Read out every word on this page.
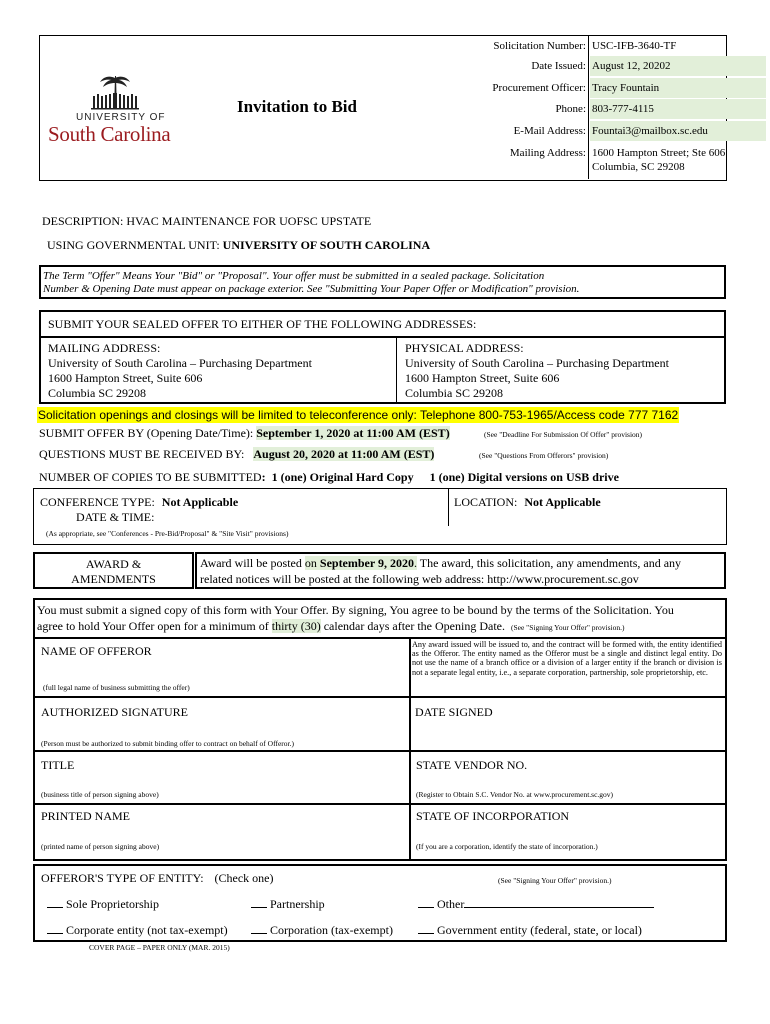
UNIVERSITY OF
South Carolina
Invitation to Bid
Solicitation Number: USC-IFB-3640-TF
Date Issued: August 12, 20202
Procurement Officer: Tracy Fountain
Phone: 803-777-4115
E-Mail Address: Fountai3@mailbox.sc.edu
Mailing Address: 1600 Hampton Street; Ste 606
Columbia, SC 29208
DESCRIPTION: HVAC MAINTENANCE FOR UOFSC UPSTATE
USING GOVERNMENTAL UNIT: UNIVERSITY OF SOUTH CAROLINA
The Term "Offer" Means Your "Bid" or "Proposal". Your offer must be submitted in a sealed package. Solicitation
Number & Opening Date must appear on package exterior. See "Submitting Your Paper Offer or Modification" provision.
SUBMIT YOUR SEALED OFFER TO EITHER OF THE FOLLOWING ADDRESSES:
MAILING ADDRESS:
University of South Carolina – Purchasing Department
1600 Hampton Street, Suite 606
Columbia SC 29208
PHYSICAL ADDRESS:
University of South Carolina – Purchasing Department
1600 Hampton Street, Suite 606
Columbia SC 29208
Solicitation openings and closings will be limited to teleconference only: Telephone 800-753-1965/Access code 777 7162
SUBMIT OFFER BY (Opening Date/Time): September 1, 2020 at 11:00 AM (EST)	(See "Deadline For Submission Of Offer" provision)
QUESTIONS MUST BE RECEIVED BY: August 20, 2020 at 11:00 AM (EST)	(See "Questions From Offerors" provision)
NUMBER OF COPIES TO BE SUBMITTED: 1 (one) Original Hard Copy 1 (one) Digital versions on USB drive
CONFERENCE TYPE: Not Applicable
DATE & TIME:
LOCATION: Not Applicable
(As appropriate, see "Conferences - Pre-Bid/Proposal" & "Site Visit" provisions)
AWARD &
AMENDMENTS
Award will be posted on September 9, 2020. The award, this solicitation, any amendments, and any
related notices will be posted at the following web address: http://www.procurement.sc.gov
You must submit a signed copy of this form with Your Offer. By signing, You agree to be bound by the terms of the Solicitation. You
agree to hold Your Offer open for a minimum of thirty (30) calendar days after the Opening Date. (See "Signing Your Offer" provision.)
NAME OF OFFEROR
(full legal name of business submitting the offer)
Any award issued will be issued to, and the contract will be formed with, the entity identified as the Offeror. The entity named as the Offeror must be a single and distinct legal entity. Do not use the name of a branch office or a division of a larger entity if the branch or division is not a separate legal entity, i.e., a separate corporation, partnership, sole proprietorship, etc.
AUTHORIZED SIGNATURE
(Person must be authorized to submit binding offer to contract on behalf of Offeror.)
DATE SIGNED
TITLE
(business title of person signing above)
STATE VENDOR NO.
(Register to Obtain S.C. Vendor No. at www.procurement.sc.gov)
PRINTED NAME
(printed name of person signing above)
STATE OF INCORPORATION
(If you are a corporation, identify the state of incorporation.)
OFFEROR'S TYPE OF ENTITY: (Check one)	(See "Signing Your Offer" provision.)
Sole Proprietorship	Partnership	Other
Corporate entity (not tax-exempt)	Corporation (tax-exempt)	Government entity (federal, state, or local)
COVER PAGE – PAPER ONLY (MAR. 2015)
